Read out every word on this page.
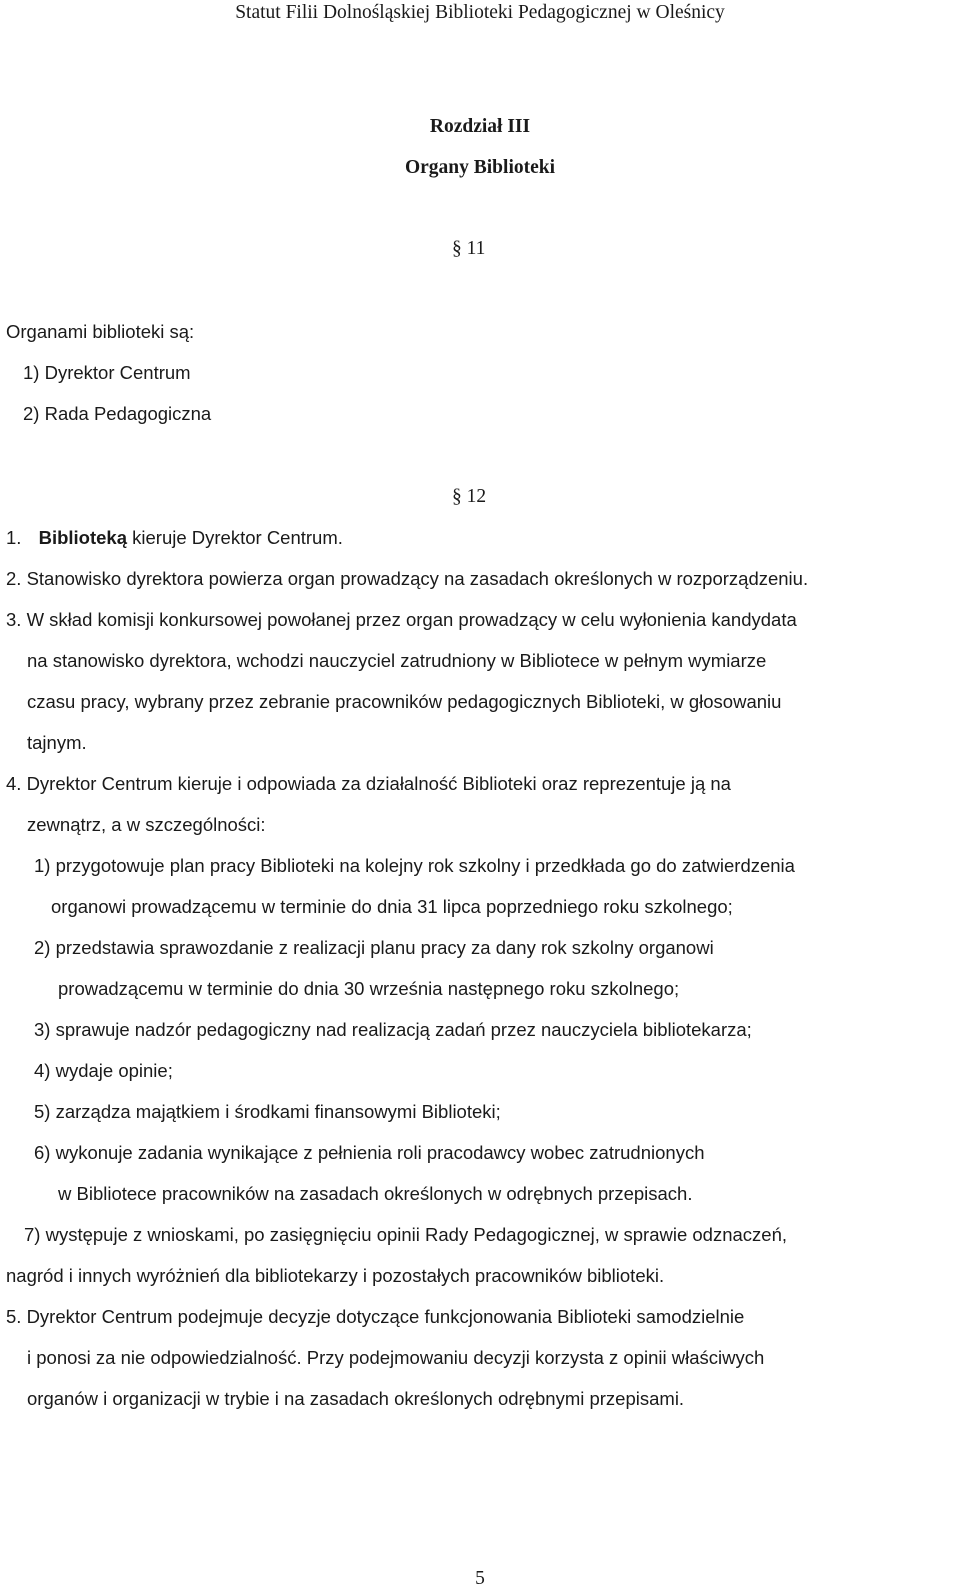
Statut Filii Dolnośląskiej Biblioteki Pedagogicznej w Oleśnicy
Rozdział III
Organy Biblioteki
§ 11
Organami biblioteki są:
1) Dyrektor Centrum
2) Rada Pedagogiczna
§ 12
1. Biblioteką kieruje Dyrektor Centrum.
2. Stanowisko dyrektora powierza organ prowadzący na zasadach określonych w rozporządzeniu.
3. W skład komisji konkursowej powołanej przez organ prowadzący w celu wyłonienia kandydata
na stanowisko dyrektora, wchodzi nauczyciel zatrudniony w Bibliotece w pełnym wymiarze
czasu pracy, wybrany przez zebranie pracowników pedagogicznych Biblioteki, w głosowaniu
tajnym.
4. Dyrektor Centrum kieruje i odpowiada za działalność Biblioteki oraz reprezentuje ją na
zewnątrz, a w szczególności:
1) przygotowuje plan pracy Biblioteki na kolejny rok szkolny i przedkłada go do zatwierdzenia
organowi prowadzącemu w terminie do dnia 31 lipca poprzedniego roku szkolnego;
2) przedstawia sprawozdanie z realizacji planu pracy za dany rok szkolny organowi
prowadzącemu w terminie do dnia 30 września następnego roku szkolnego;
3) sprawuje nadzór pedagogiczny nad realizacją zadań przez nauczyciela bibliotekarza;
4) wydaje opinie;
5) zarządza majątkiem i środkami finansowymi Biblioteki;
6) wykonuje zadania wynikające z pełnienia roli pracodawcy wobec zatrudnionych
w Bibliotece pracowników na zasadach określonych w odrębnych przepisach.
7) występuje z wnioskami, po zasięgnięciu opinii Rady Pedagogicznej, w sprawie odznaczeń,
nagród i innych wyróżnień dla bibliotekarzy i pozostałych pracowników biblioteki.
5. Dyrektor Centrum podejmuje decyzje dotyczące funkcjonowania Biblioteki samodzielnie
i ponosi za nie odpowiedzialność. Przy podejmowaniu decyzji korzysta z opinii właściwych
organów i organizacji w trybie i na zasadach określonych odrębnymi przepisami.
5
